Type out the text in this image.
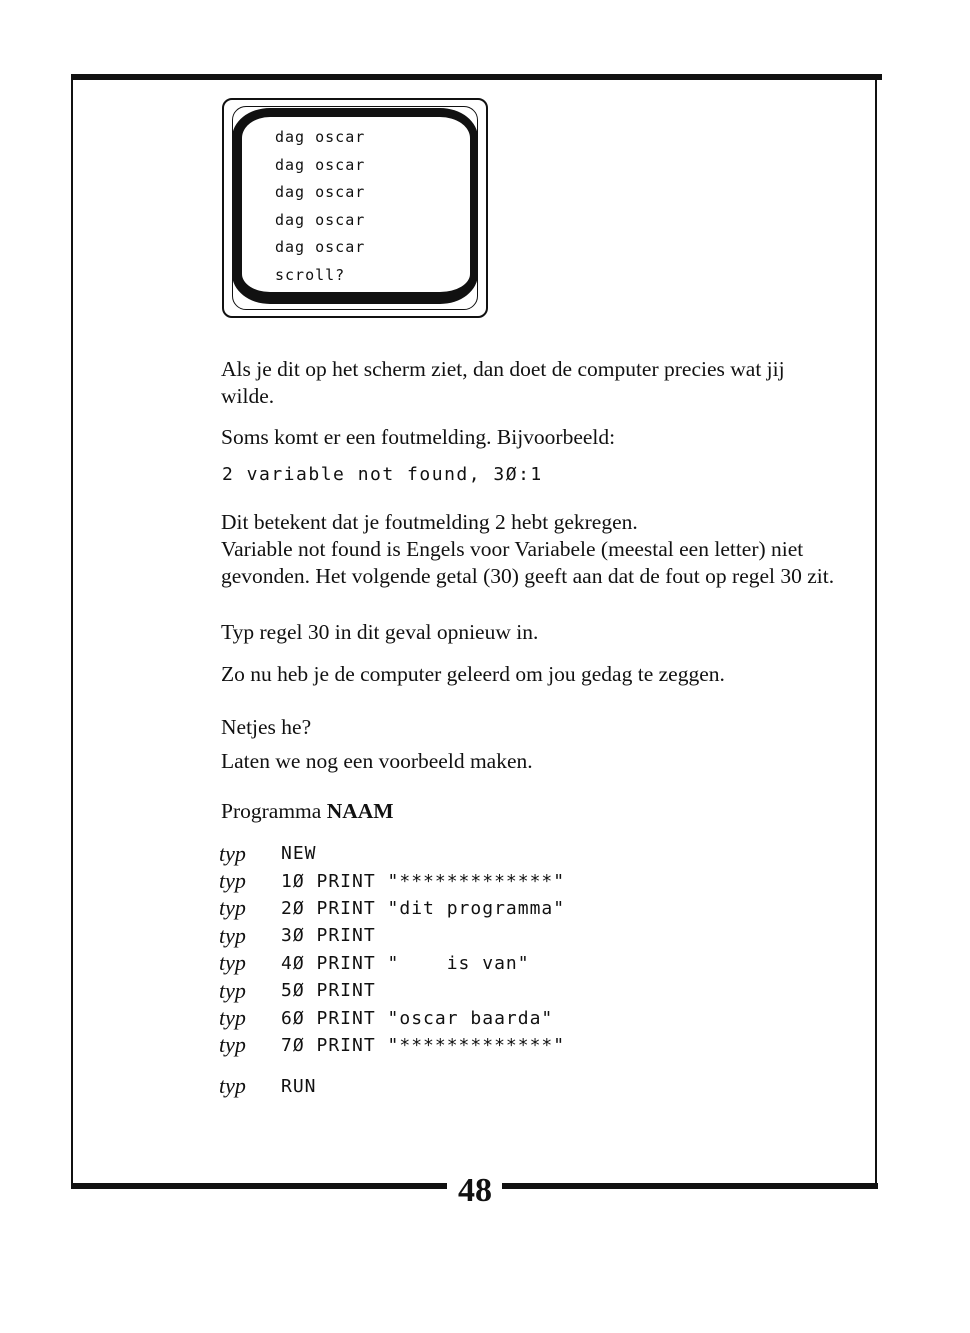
48
dag oscar
dag oscar
dag oscar
dag oscar
dag oscar
scroll?

Als je dit op het scherm ziet, dan doet de computer precies wat jij wilde.

Soms komt er een foutmelding. Bijvoorbeeld:

2 variable not found, 3Ø:1

Dit betekent dat je foutmelding 2 hebt gekregen.

Variable not found is Engels voor Variabele (meestal een letter) niet gevonden. Het volgende getal (30) geeft aan dat de fout op regel 30 zit.

Typ regel 30 in dit geval opnieuw in.

Zo nu heb je de computer geleerd om jou gedag te zeggen.

Netjes he?

Laten we nog een voorbeeld maken.

Programma NAAM
typ	NEW
typ	1Ø PRINT "*************"
typ	2Ø PRINT "dit programma"
typ	3Ø PRINT
typ	4Ø PRINT "    is van"
typ	5Ø PRINT
typ	6Ø PRINT "oscar baarda"
typ	7Ø PRINT "*************"
typ	RUN
